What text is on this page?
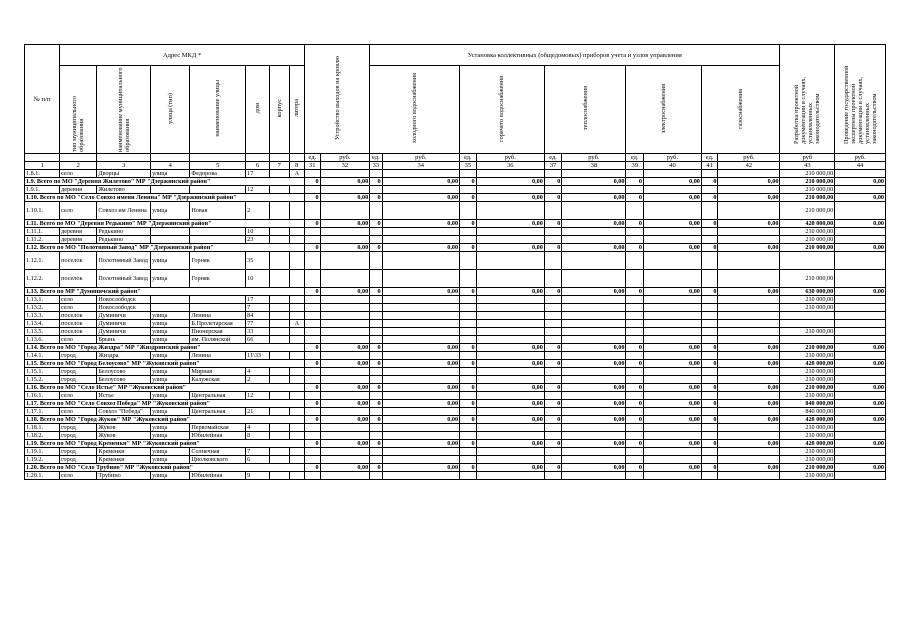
№ п/п	Адрес МКД *							Устройство выходов на кровлю		Установка коллективных (общедомовых) приборов учета и узлов управления										Разработка проектной документации в случаях, установленных законодательством	Проведение государственной экспертизы проектной документации в случаях, установленных законодательством
	тип муниципального образования	наименование муниципального образования	улица (тип)	наименование улицы	дом	корпус	литера			холодного водоснабжения		горячего водоснабжения		теплоснабжения		электроснабжения		газоснабжения			
								ед.	руб.	ед.	руб.	ед.	руб.	ед.	руб.	ед.	руб.	ед.	руб.	руб	руб.
1	2	3	4	5	6	7	8	31	32	33	34	35	36	37	38	39	40	41	42	43	44
1.8.1.	село	Дворцы	улица	Федорова	17		А													210 000,00	
1.9. Всего по МО "Деревня Жилетово" МР "Дзержинский район"								0	0,00	0	0,00	0	0,00	0	0,00	0	0,00	0	0,00	210 000,00	0,00
1.9.1.	деревня	Жилетово			12															210 000,00	
1.10. Всего по МО "Село Совхоз имени Ленина" МР "Дзержинский район"								0	0,00	0	0,00	0	0,00	0	0,00	0	0,00	0	0,00	210 000,00	0,00
1.10.1.	село	Совхоз им Ленина	улица	Новая	2															210 000,00	
1.11. Всего по МО "Деревня Редькино" МР "Дзержинский район"								0	0,00	0	0,00	0	0,00	0	0,00	0	0,00	0	0,00	420 000,00	0,00
1.11.1.	деревня	Редькино			10															210 000,00	
1.11.2.	деревня	Редькино			23															210 000,00	
1.12. Всего по МО "Полотняный Завод" МР "Дзержинский район"								0	0,00	0	0,00	0	0,00	0	0,00	0	0,00	0	0,00	210 000,00	0,00
1.12.1.	поселок	Полотняный Завод	улица	Горняк	35																
1.12.2.	поселок	Полотняный Завод	улица	Горняк	10															210 000,00	
1.13. Всего по МР "Думиничский район"								0	0,00	0	0,00	0	0,00	0	0,00	0	0,00	0	0,00	630 000,00	0,00
1.13.1.	село	Новослободск			17															210 000,00	
1.13.2.	село	Новослободск			7															210 000,00	
1.13.3.	поселок	Думиничи	улица	Ленина	84																
1.13.4.	поселок	Думиничи	улица	Б.Пролетарская	77		А														
1.13.5.	поселок	Думиничи	улица	Пионерская	33															210 000,00	
1.13.6.	село	Брынь	улица	им. Полянской	66																
1.14. Всего по МО "Город Жиздра" МР "Жиздринский район"								0	0,00	0	0,00	0	0,00	0	0,00	0	0,00	0	0,00	210 000,00	0,00
1.14.1.	город	Жиздра	улица	Ленина	11\33															210 000,00	
1.15. Всего по МО "Город Белоусово" МР "Жуковский район"								0	0,00	0	0,00	0	0,00	0	0,00	0	0,00	0	0,00	420 000,00	0,00
1.15.1.	город	Белоусово	улица	Мирная	4															210 000,00	
1.15.2.	город	Белоусово	улица	Калужская	2															210 000,00	
1.16. Всего по МО "Село Истье" МР "Жуковский район"								0	0,00	0	0,00	0	0,00	0	0,00	0	0,00	0	0,00	210 000,00	0,00
1.16.1.	село	Истье	улица	Центральная	12															210 000,00	
1.17. Всего по МО "Село Совхоз Победа" МР "Жуковский район"								0	0,00	0	0,00	0	0,00	0	0,00	0	0,00	0	0,00	840 000,00	0,00
1.17.1.	село	Совхоз "Победа"	улица	Центральная	21															840 000,00	
1.18. Всего по МО "Город Жуков" МР "Жуковский район"								0	0,00	0	0,00	0	0,00	0	0,00	0	0,00	0	0,00	420 000,00	0,00
1.18.1.	город	Жуков	улица	Первомайская	4															210 000,00	
1.18.2.	город	Жуков	улица	Юбилейная	8															210 000,00	
1.19. Всего по МО "Город Кременки" МР "Жуковский район"								0	0,00	0	0,00	0	0,00	0	0,00	0	0,00	0	0,00	420 000,00	0,00
1.19.1.	город	Кременки	улица	Солнечная	7															210 000,00	
1.19.2.	город	Кременки	улица	Циолковского	6															210 000,00	
1.20. Всего по МО "Село Трубино" МР "Жуковский район"								0	0,00	0	0,00	0	0,00	0	0,00	0	0,00	0	0,00	210 000,00	0,00
1.20.1.	село	Трубино	улица	Юбилейная	9															210 000,00	
